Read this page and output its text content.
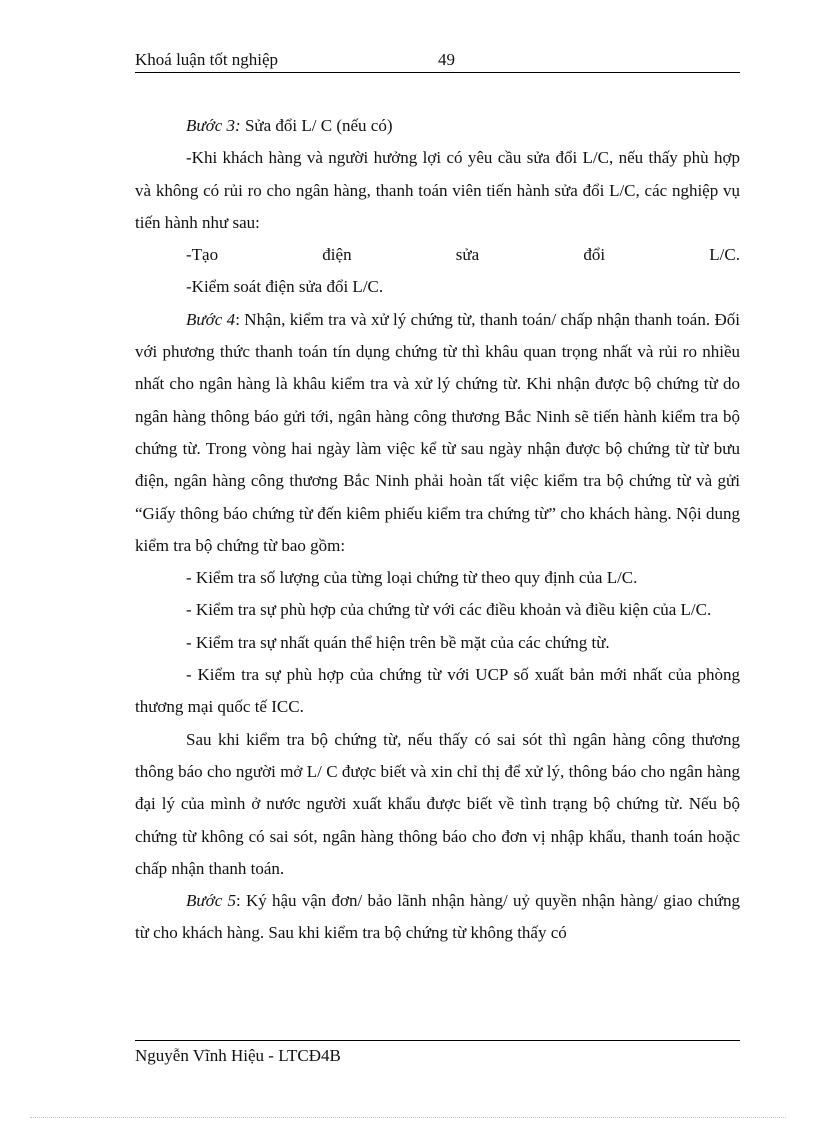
Khoá luận tốt nghiệp	49

Bước 3: Sửa đổi L/ C (nếu có)

-Khi khách hàng và người hưởng lợi có yêu cầu sửa đổi L/C, nếu thấy phù hợp và không có rủi ro cho ngân hàng, thanh toán viên tiến hành sửa đổi L/C, các nghiệp vụ tiến hành như sau:

-Tạo điện sửa đổi L/C.

-Kiểm soát điện sửa đổi L/C.

Bước 4: Nhận, kiểm tra và xử lý chứng từ, thanh toán/ chấp nhận thanh toán. Đối với phương thức thanh toán tín dụng chứng từ thì khâu quan trọng nhất và rủi ro nhiều nhất cho ngân hàng là khâu kiểm tra và xử lý chứng từ. Khi nhận được bộ chứng từ do ngân hàng thông báo gửi tới, ngân hàng công thương Bắc Ninh sẽ tiến hành kiểm tra bộ chứng từ. Trong vòng hai ngày làm việc kể từ sau ngày nhận được bộ chứng từ từ bưu điện, ngân hàng công thương Bắc Ninh phải hoàn tất việc kiểm tra bộ chứng từ và gửi “Giấy thông báo chứng từ đến kiêm phiếu kiểm tra chứng từ” cho khách hàng. Nội dung kiểm tra bộ chứng từ bao gồm:

- Kiểm tra số lượng của từng loại chứng từ theo quy định của L/C.

- Kiểm tra sự phù hợp của chứng từ với các điều khoản và điều kiện của L/C.

- Kiểm tra sự nhất quán thể hiện trên bề mặt của các chứng từ.

- Kiểm tra sự phù hợp của chứng từ với UCP số xuất bản mới nhất của phòng thương mại quốc tế ICC.

Sau khi kiểm tra bộ chứng từ, nếu thấy có sai sót thì ngân hàng công thương thông báo cho người mở L/ C được biết và xin chỉ thị để xử lý, thông báo cho ngân hàng đại lý của mình ở nước người xuất khẩu được biết về tình trạng bộ chứng từ. Nếu bộ chứng từ không có sai sót, ngân hàng thông báo cho đơn vị nhập khẩu, thanh toán hoặc chấp nhận thanh toán.

Bước 5: Ký hậu vận đơn/ bảo lãnh nhận hàng/ uỷ quyền nhận hàng/ giao chứng từ cho khách hàng. Sau khi kiểm tra bộ chứng từ không thấy có

Nguyễn Vĩnh Hiệu - LTCĐ4B
